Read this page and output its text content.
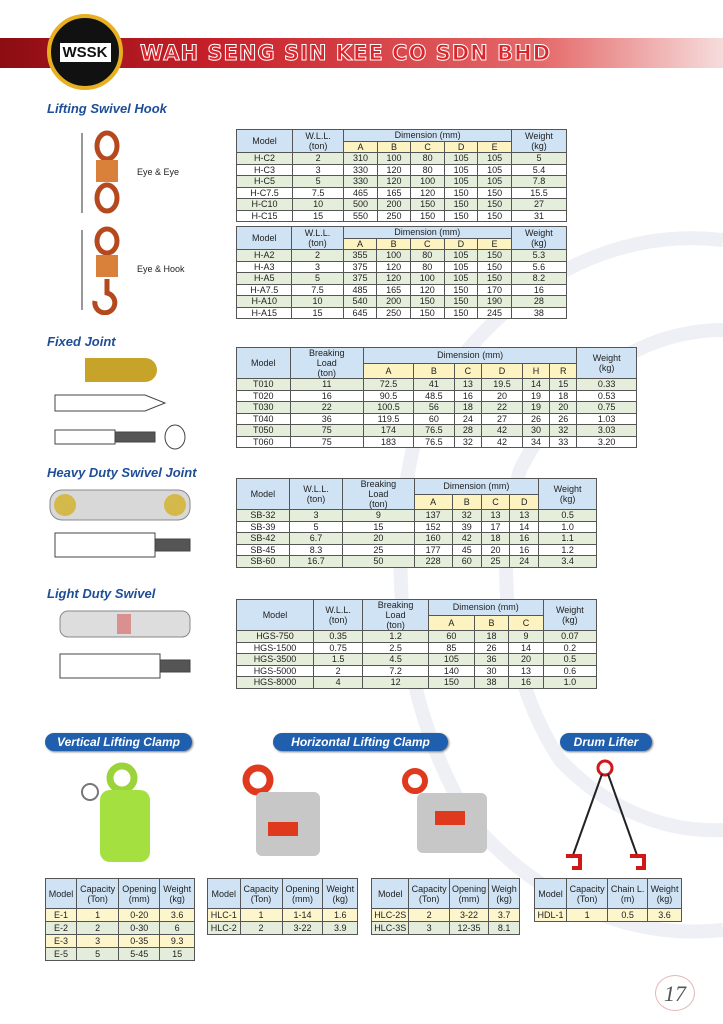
WSSK WAH SENG SIN KEE CO SDN BHD
Lifting Swivel Hook
Fixed Joint
Heavy Duty Swivel Joint
Light Duty Swivel
Eye & Eye
Eye & Hook
Vertical Lifting Clamp	Horizontal Lifting Clamp	Drum Lifter
Model	W.L.L.
(ton)	Dimension (mm)					Weight
(kg)
		A	B	C	D	E	
H-C2	2	310	100	80	105	105	5
H-C3	3	330	120	80	105	105	5.4
H-C5	5	330	120	100	105	105	7.8
H-C7.5	7.5	465	165	120	150	150	15.5
H-C10	10	500	200	150	150	150	27
H-C15	15	550	250	150	150	150	31
Model	W.L.L.
(ton)	Dimension (mm)					Weight
(kg)
		A	B	C	D	E	
H-A2	2	355	100	80	105	150	5.3
H-A3	3	375	120	80	105	150	5.6
H-A5	5	375	120	100	105	150	8.2
H-A7.5	7.5	485	165	120	150	170	16
H-A10	10	540	200	150	150	190	28
H-A15	15	645	250	150	150	245	38
Model	Breaking
Load
(ton)	Dimension (mm)						Weight
(kg)
		A	B	C	D	H	R	
T010	11	72.5	41	13	19.5	14	15	0.33
T020	16	90.5	48.5	16	20	19	18	0.53
T030	22	100.5	56	18	22	19	20	0.75
T040	36	119.5	60	24	27	26	26	1.03
T050	75	174	76.5	28	42	30	32	3.03
T060	75	183	76.5	32	42	34	33	3.20
Model	W.L.L.
(ton)	Breaking
Load
(ton)	Dimension (mm)				Weight
(kg)
			A	B	C	D	
SB-32	3	9	137	32	13	13	0.5
SB-39	5	15	152	39	17	14	1.0
SB-42	6.7	20	160	42	18	16	1.1
SB-45	8.3	25	177	45	20	16	1.2
SB-60	16.7	50	228	60	25	24	3.4
Model	W.L.L.
(ton)	Breaking
Load
(ton)	Dimension (mm)			Weight
(kg)
			A	B	C	
HGS-750	0.35	1.2	60	18	9	0.07
HGS-1500	0.75	2.5	85	26	14	0.2
HGS-3500	1.5	4.5	105	36	20	0.5
HGS-5000	2	7.2	140	30	13	0.6
HGS-8000	4	12	150	38	16	1.0
Model	Capacity
(Ton)	Opening
(mm)	Weight
(kg)
E-1	1	0-20	3.6
E-2	2	0-30	6
E-3	3	0-35	9.3
E-5	5	5-45	15
Model	Capacity
(Ton)	Opening
(mm)	Weight
(kg)
HLC-1	1	1-14	1.6
HLC-2	2	3-22	3.9
Model	Capacity
(Ton)	Opening
(mm)	Weigh
(kg)
HLC-2S	2	3-22	3.7
HLC-3S	3	12-35	8.1
Model	Capacity
(Ton)	Chain L.
(m)	Weight
(kg)
HDL-1	1	0.5	3.6
17
